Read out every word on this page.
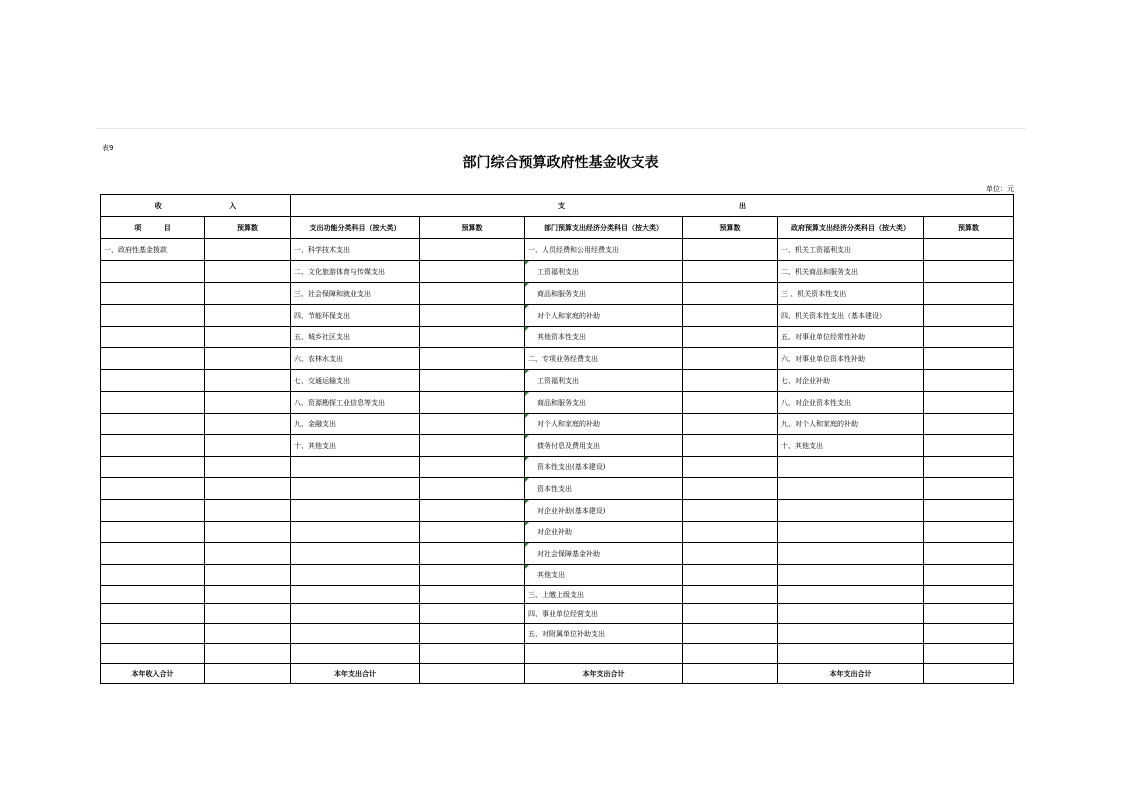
表9
部门综合预算政府性基金收支表
单位：元
收 入		支 出					

项 目	预算数	支出功能分类科目（按大类）	预算数	部门预算支出经济分类科目（按大类）	预算数	政府预算支出经济分类科目（按大类）	预算数
一、政府性基金拨款		一、科学技术支出		一、人员经费和公用经费支出		一、机关工资福利支出	
		二、文化旅游体育与传媒支出		工资福利支出		二、机关商品和服务支出	
		三、社会保障和就业支出		商品和服务支出		三 、机关资本性支出	
		四、节能环保支出		对个人和家庭的补助		四、机关资本性支出（基本建设）	
		五、城乡社区支出		其他资本性支出		五、对事业单位经常性补助	
		六、农林水支出		二、专项业务经费支出		六、对事业单位资本性补助	
		七、交通运输支出		工资福利支出		七、对企业补助	
		八、资源勘探工业信息等支出		商品和服务支出		八、对企业资本性支出	
		九、金融支出		对个人和家庭的补助		九、对个人和家庭的补助	
		十、其他支出		债务付息及费用支出		十、其他支出	
				资本性支出(基本建设)			
				资本性支出			
				对企业补助(基本建设)			
				对企业补助			
				对社会保障基金补助			
				其他支出			
				三、上缴上级支出			
				四、事业单位经营支出			
				五、对附属单位补助支出			

本年收入合计		本年支出合计		本年支出合计		本年支出合计	
